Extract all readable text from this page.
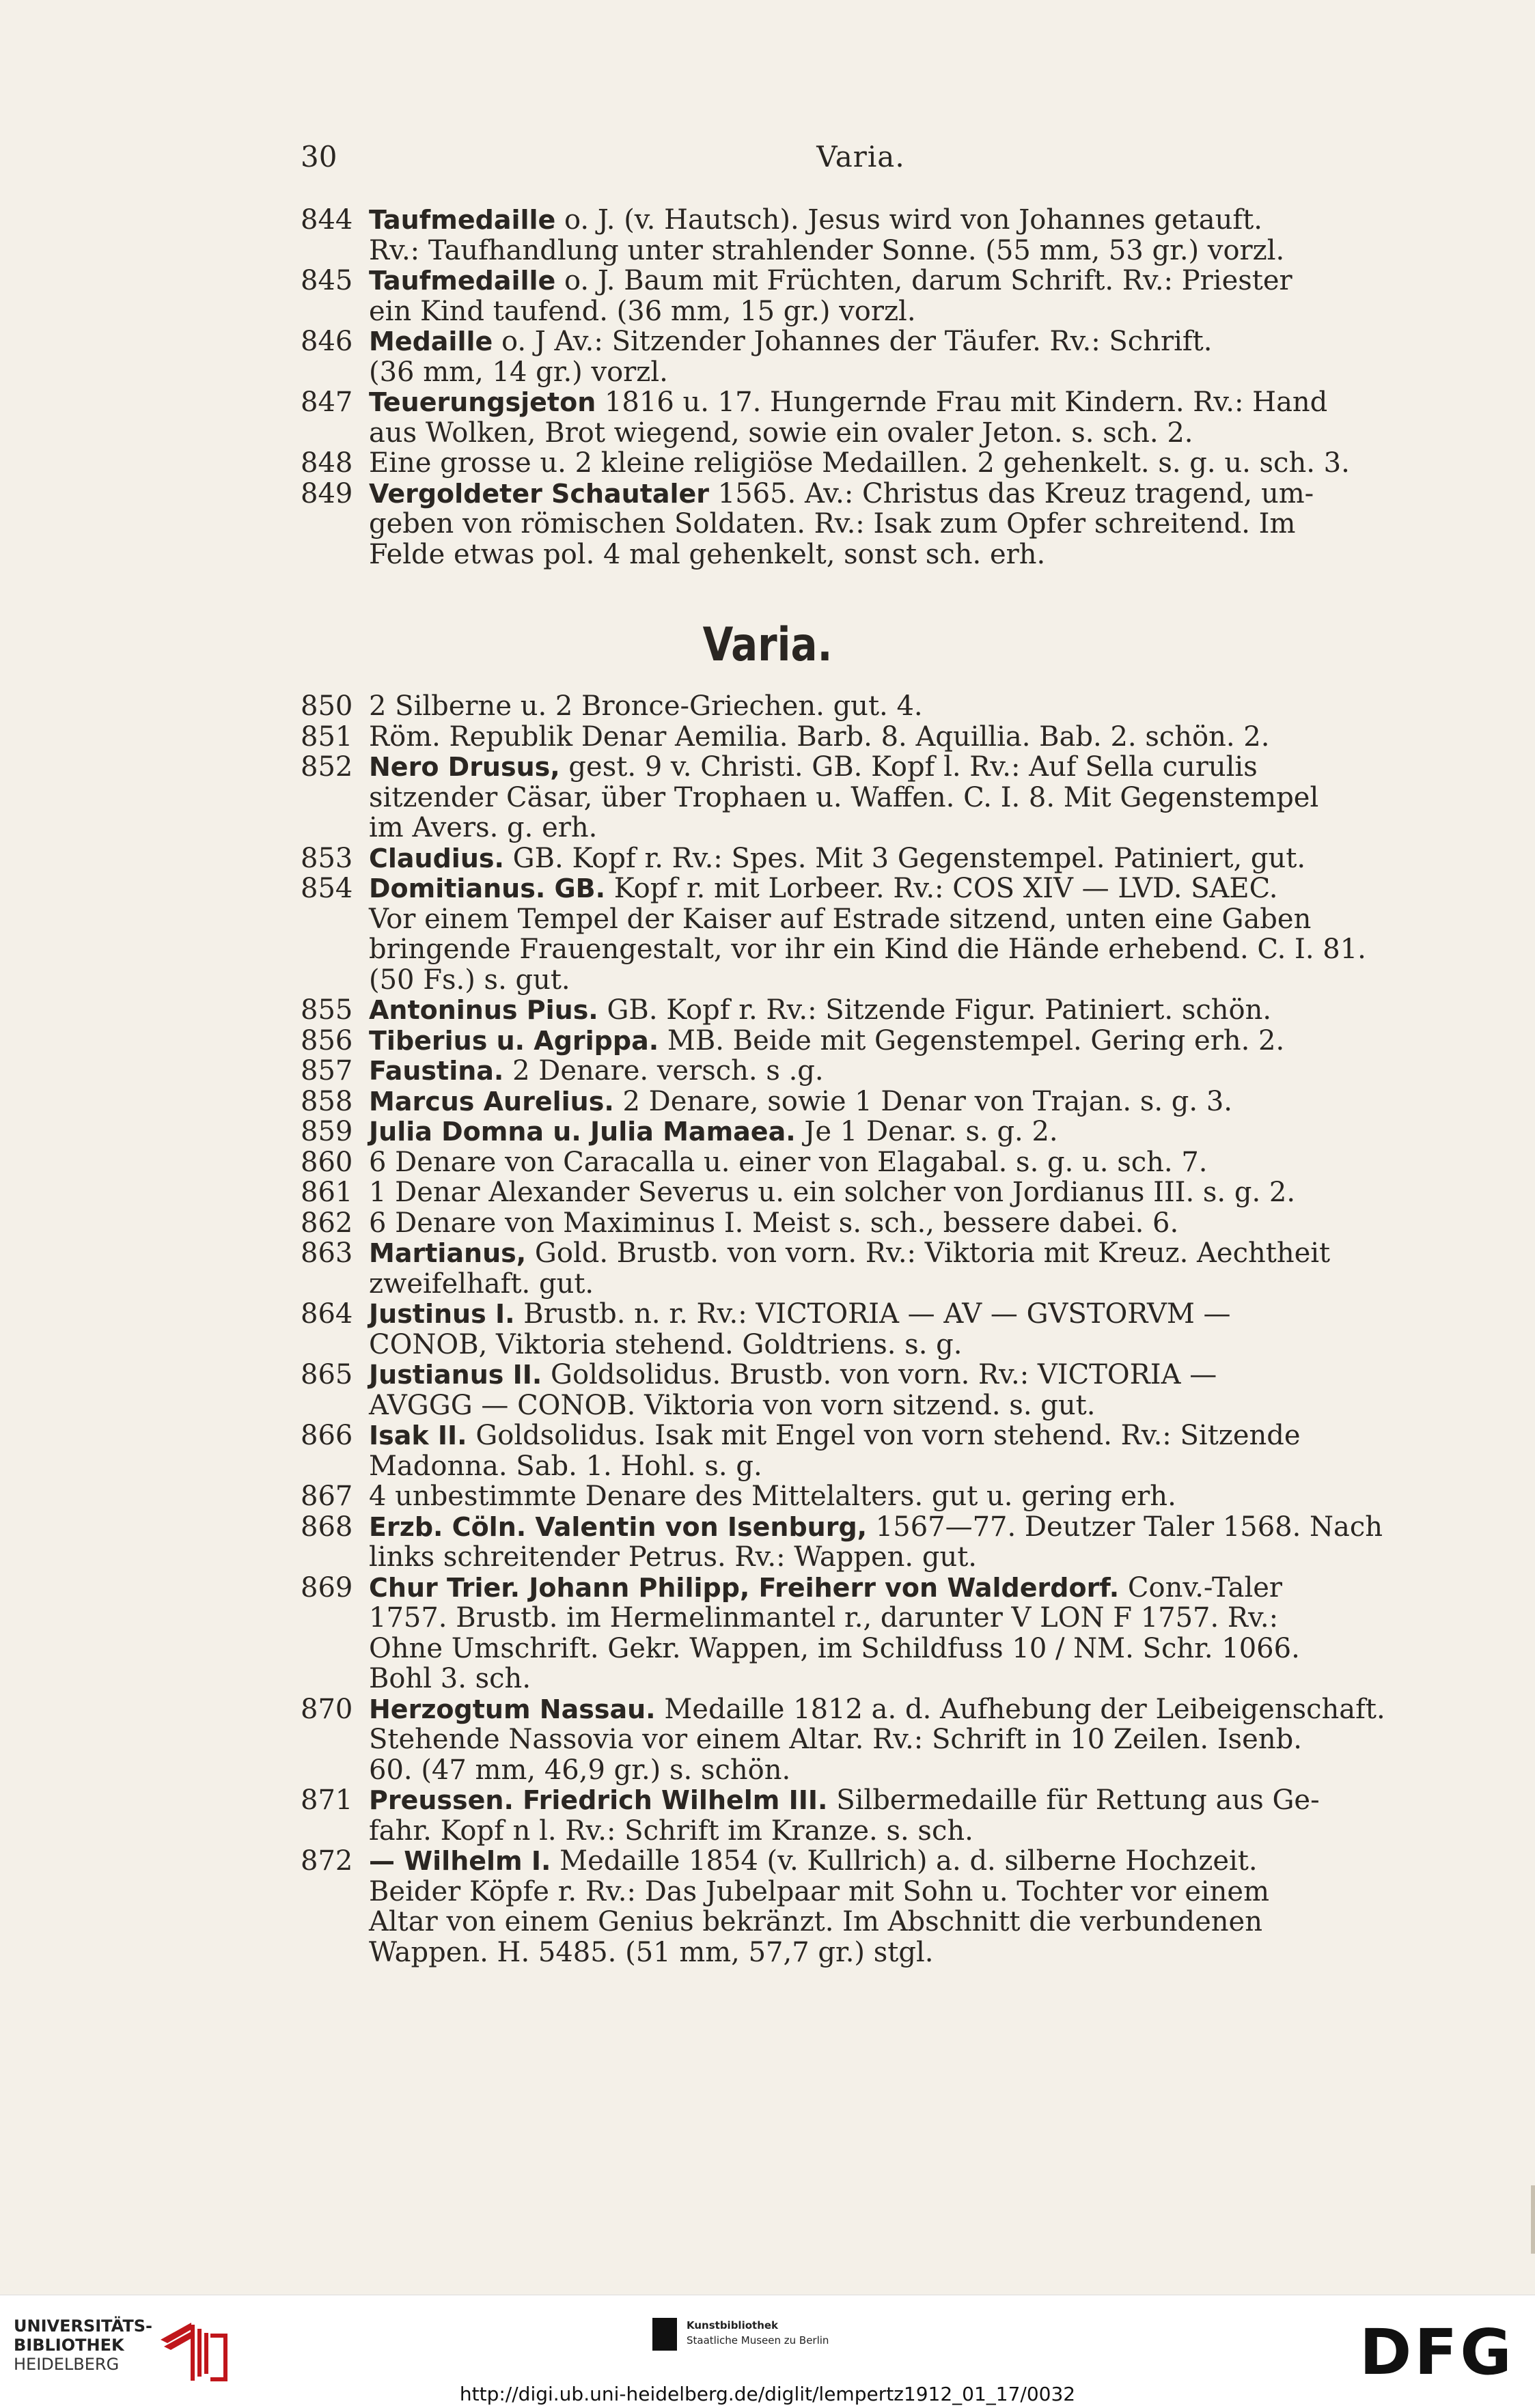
30	Varia.
844 Taufmedaille o. J. (v. Hautsch). Jesus wird von Johannes getauft.
Rv.: Taufhandlung unter strahlender Sonne. (55 mm, 53 gr.) vorzl.
845 Taufmedaille o. J. Baum mit Früchten, darum Schrift. Rv.: Priester
ein Kind taufend. (36 mm, 15 gr.) vorzl.
846 Medaille o. J Av.: Sitzender Johannes der Täufer. Rv.: Schrift.
(36 mm, 14 gr.) vorzl.
847 Teuerungsjeton 1816 u. 17. Hungernde Frau mit Kindern. Rv.: Hand
aus Wolken, Brot wiegend, sowie ein ovaler Jeton. s. sch. 2.
848 Eine grosse u. 2 kleine religiöse Medaillen. 2 gehenkelt. s. g. u. sch. 3.
849 Vergoldeter Schautaler 1565. Av.: Christus das Kreuz tragend, um-
geben von römischen Soldaten. Rv.: Isak zum Opfer schreitend. Im
Felde etwas pol. 4 mal gehenkelt, sonst sch. erh.
Varia.
850 2 Silberne u. 2 Bronce-Griechen. gut. 4.
851 Röm. Republik Denar Aemilia. Barb. 8. Aquillia. Bab. 2. schön. 2.
852 Nero Drusus, gest. 9 v. Christi. GB. Kopf l. Rv.: Auf Sella curulis
sitzender Cäsar, über Trophaen u. Waffen. C. I. 8. Mit Gegenstempel
im Avers. g. erh.
853 Claudius. GB. Kopf r. Rv.: Spes. Mit 3 Gegenstempel. Patiniert, gut.
854 Domitianus. GB. Kopf r. mit Lorbeer. Rv.: COS XIV — LVD. SAEC.
Vor einem Tempel der Kaiser auf Estrade sitzend, unten eine Gaben
bringende Frauengestalt, vor ihr ein Kind die Hände erhebend. C. I. 81.
(50 Fs.) s. gut.
855 Antoninus Pius. GB. Kopf r. Rv.: Sitzende Figur. Patiniert. schön.
856 Tiberius u. Agrippa. MB. Beide mit Gegenstempel. Gering erh. 2.
857 Faustina. 2 Denare. versch. s .g.
858 Marcus Aurelius. 2 Denare, sowie 1 Denar von Trajan. s. g. 3.
859 Julia Domna u. Julia Mamaea. Je 1 Denar. s. g. 2.
860 6 Denare von Caracalla u. einer von Elagabal. s. g. u. sch. 7.
861 1 Denar Alexander Severus u. ein solcher von Jordianus III. s. g. 2.
862 6 Denare von Maximinus I. Meist s. sch., bessere dabei. 6.
863 Martianus, Gold. Brustb. von vorn. Rv.: Viktoria mit Kreuz. Aechtheit
zweifelhaft. gut.
864 Justinus I. Brustb. n. r. Rv.: VICTORIA — AV — GVSTORVM —
CONOB, Viktoria stehend. Goldtriens. s. g.
865 Justianus II. Goldsolidus. Brustb. von vorn. Rv.: VICTORIA —
AVGGG — CONOB. Viktoria von vorn sitzend. s. gut.
866 Isak II. Goldsolidus. Isak mit Engel von vorn stehend. Rv.: Sitzende
Madonna. Sab. 1. Hohl. s. g.
867 4 unbestimmte Denare des Mittelalters. gut u. gering erh.
868 Erzb. Cöln. Valentin von Isenburg, 1567—77. Deutzer Taler 1568. Nach
links schreitender Petrus. Rv.: Wappen. gut.
869 Chur Trier. Johann Philipp, Freiherr von Walderdorf. Conv.-Taler
1757. Brustb. im Hermelinmantel r., darunter V LON F 1757. Rv.:
Ohne Umschrift. Gekr. Wappen, im Schildfuss 10 / NM. Schr. 1066.
Bohl 3. sch.
870 Herzogtum Nassau. Medaille 1812 a. d. Aufhebung der Leibeigenschaft.
Stehende Nassovia vor einem Altar. Rv.: Schrift in 10 Zeilen. Isenb.
60. (47 mm, 46,9 gr.) s. schön.
871 Preussen. Friedrich Wilhelm III. Silbermedaille für Rettung aus Ge-
fahr. Kopf n l. Rv.: Schrift im Kranze. s. sch.
872 — Wilhelm I. Medaille 1854 (v. Kullrich) a. d. silberne Hochzeit.
Beider Köpfe r. Rv.: Das Jubelpaar mit Sohn u. Tochter vor einem
Altar von einem Genius bekränzt. Im Abschnitt die verbundenen
Wappen. H. 5485. (51 mm, 57,7 gr.) stgl.
UNIVERSITÄTS-
BIBLIOTHEK
HEIDELBERG
Kunstbibliothek
Staatliche Museen zu Berlin	DFG
http://digi.ub.uni-heidelberg.de/diglit/lempertz1912_01_17/0032
